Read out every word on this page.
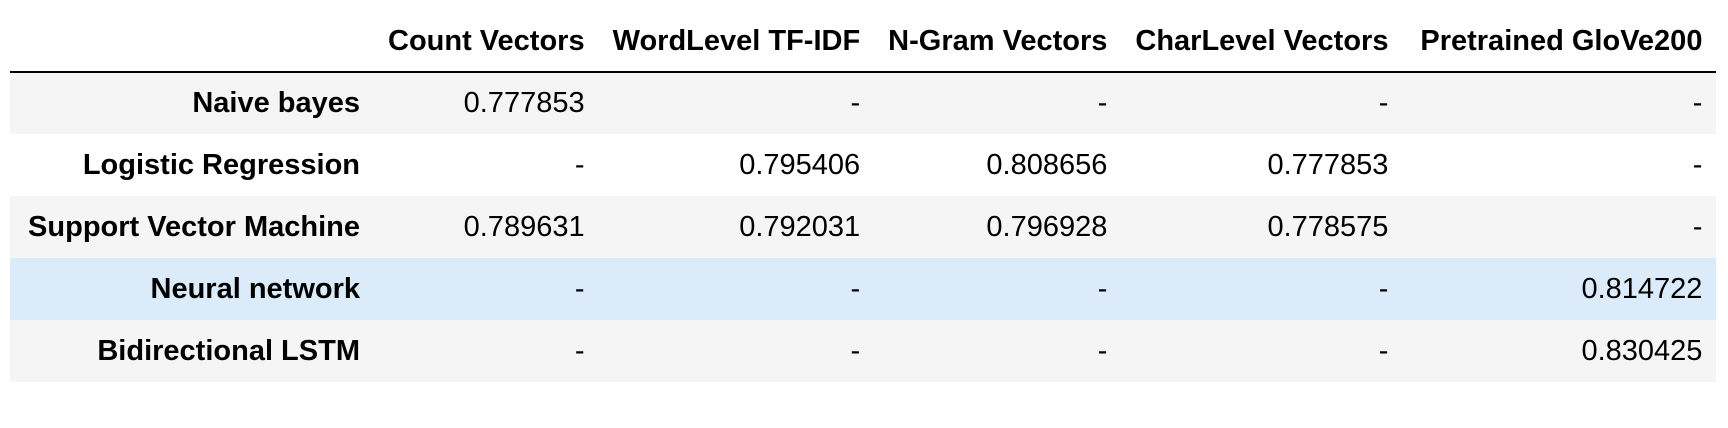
	Count Vectors	WordLevel TF-IDF	N-Gram Vectors	CharLevel Vectors	Pretrained GloVe200
Naive bayes	0.777853	-	-	-	-
Logistic Regression	-	0.795406	0.808656	0.777853	-
Support Vector Machine	0.789631	0.792031	0.796928	0.778575	-
Neural network	-	-	-	-	0.814722
Bidirectional LSTM	-	-	-	-	0.830425
